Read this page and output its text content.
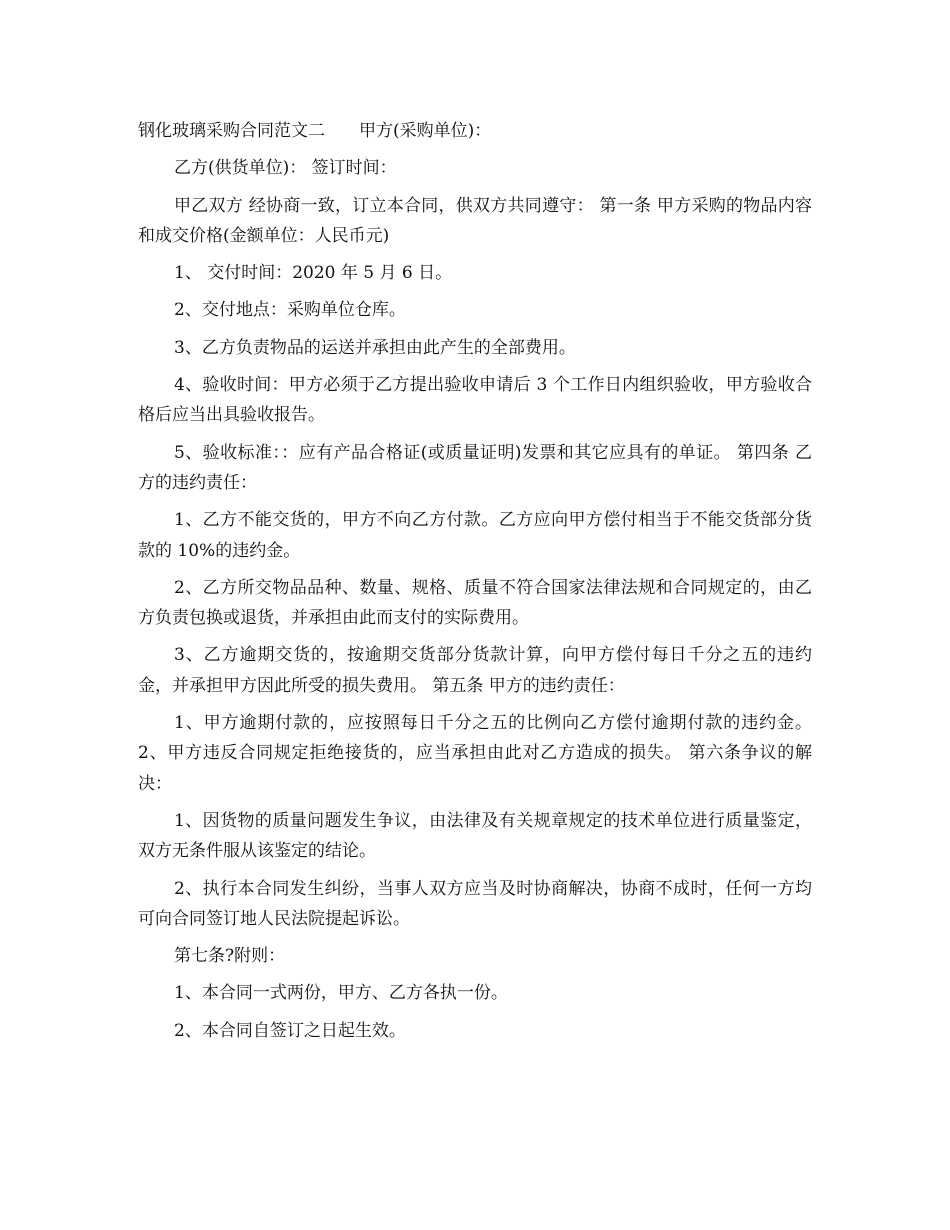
钢化玻璃采购合同范文二　　甲方(采购单位)：

乙方(供货单位)： 签订时间：

甲乙双方 经协商一致，订立本合同，供双方共同遵守： 第一条 甲方采购的物品内容和成交价格(金额单位：人民币元)

1、 交付时间：2020 年 5 月 6 日。

2、交付地点：采购单位仓库。

3、乙方负责物品的运送并承担由此产生的全部费用。

4、验收时间：甲方必须于乙方提出验收申请后 3 个工作日内组织验收，甲方验收合格后应当出具验收报告。

5、验收标准：：应有产品合格证(或质量证明)发票和其它应具有的单证。 第四条 乙方的违约责任：

1、乙方不能交货的，甲方不向乙方付款。乙方应向甲方偿付相当于不能交货部分货款的 10%的违约金。

2、乙方所交物品品种、数量、规格、质量不符合国家法律法规和合同规定的，由乙方负责包换或退货，并承担由此而支付的实际费用。

3、乙方逾期交货的，按逾期交货部分货款计算，向甲方偿付每日千分之五的违约金，并承担甲方因此所受的损失费用。 第五条 甲方的违约责任：

1、甲方逾期付款的，应按照每日千分之五的比例向乙方偿付逾期付款的违约金。 2、甲方违反合同规定拒绝接货的，应当承担由此对乙方造成的损失。 第六条争议的解决：

1、因货物的质量问题发生争议，由法律及有关规章规定的技术单位进行质量鉴定，双方无条件服从该鉴定的结论。

2、执行本合同发生纠纷，当事人双方应当及时协商解决，协商不成时，任何一方均可向合同签订地人民法院提起诉讼。

第七条?附则：

1、本合同一式两份，甲方、乙方各执一份。

2、本合同自签订之日起生效。
